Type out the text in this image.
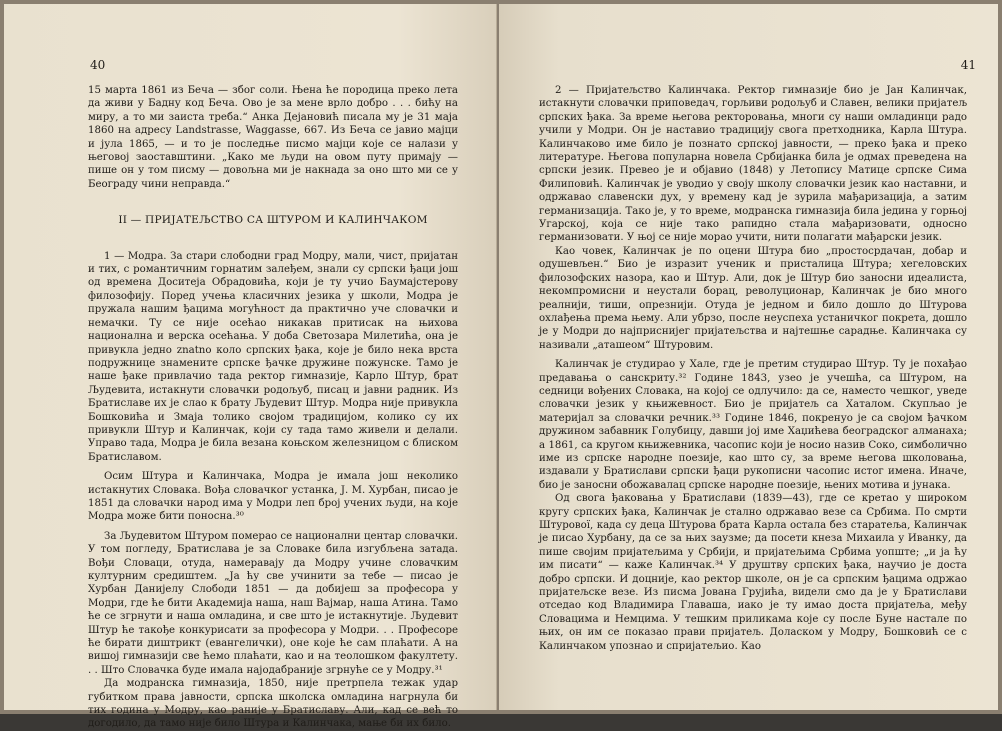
40

15 марта 1861 из Беча — због соли. Њена ће породица преко лета да живи у Бадну код Беча. Ово је за мене врло добро . . . бићу на миру, а то ми заиста треба.“ Анка Дејановић писала му је 31 маја 1860 на адресу Landstrasse, Waggasse, 667. Из Беча се јавио мајци и јула 1865, — и то је последње писмо мајци које се налази у његовој заоставштини. „Како ме људи на овом путу примају — пише он у том писму — довољна ми је накнада за оно што ми се у Београду чини неправда.“

II — ПРИЈАТЕЉСТВО СА ШТУРОМ И КАЛИНЧАКОМ

1 — Модра. За стари слободни град Модру, мали, чист, пријатан и тих, с романтичним горнатим залеђем, знали су српски ђаци још од времена Доситеја Обрадовића, који је ту учио Баумајстерову филозофију. Поред учења класичних језика у школи, Модра је пружала нашим ђацима могућност да практично уче словачки и немачки. Ту се није осећао никакав притисак на њихова национална и верска осећања. У доба Светозара Милетића, она је привукла једно znatno коло српских ђака, које је било нека врста подружнице знамените српске ђачке дружине пожунске. Тамо је наше ђаке привлачио тада ректор гимназије, Карло Штур, брат Људевита, истакнути словачки родољуб, писац и јавни радник. Из Братиславе их је слао к брату Људевит Штур. Модра није привукла Бошковића и Змаја толико својом традицијом, колико су их привукли Штур и Калинчак, који су тада тамо живели и делали. Управо тада, Модра је била везана коњском железницом с блиском Братиславом.

Осим Штура и Калинчака, Модра је имала још неколико истакнутих Словака. Вођа словачког устанка, Ј. М. Хурбан, писао је 1851 да словачки народ има у Модри леп број учених људи, на које Модра може бити поносна.³⁰

За Људевитом Штуром померао се национални центар словачки. У том погледу, Братислава је за Словаке била изгубљена затада. Вођи Словаци, отуда, намеравају да Модру учине словачким културним средиштем. „Ја ћу све учинити за тебе — писао је Хурбан Данијелу Слободи 1851 — да добијеш за професора у Модри, где ће бити Академија наша, наш Вајмар, наша Атина. Тамо ће се згрнути и наша омладина, и све што је истакнутије. Људевит Штур ће такође конкурисати за професора у Модри. . . Професоре ће бирати диштрикт (евангелички), оне које ће сам плаћати. А на вишој гимназији све ћемо плаћати, као и на теолошком факултету. . . Што Словачка буде имала најодабраније згрнуће се у Модру.³¹

Да модранска гимназија, 1850, није претрпела тежак удар губитком права јавности, српска школска омладина нагрнула би тих година у Модру, као раније у Братиславу. Али, кад се већ то догодило, да тамо није било Штура и Калинчака, мање би их било.

41

2 — Пријатељство Калинчака. Ректор гимназије био је Јан Калинчак, истакнути словачки приповедач, горљиви родољуб и Славен, велики пријатељ српских ђака. За време његова ректоровања, многи су наши омладинци радо учили у Модри. Он је наставио традицију свога претходника, Карла Штура. Калинчаково име било је познато српској јавности, — преко ђака и преко литературе. Његова популарна новела Србијанка била је одмах преведена на српски језик. Превео је и објавио (1848) у Летопису Матице српске Сима Филиповић. Калинчак је уводио у своју школу словачки језик као наставни, и одржавао славенски дух, у времену кад је зурила мађаризација, а затим германизација. Тако је, у то време, модранска гимназија била једина у горњој Угарској, која се није тако рапидно стала мађаризовати, односно германизовати. У њој се није морао учити, нити полагати мађарски језик.

Као човек, Калинчак је по оцени Штура био „простосрдачан, добар и одушевљен.“ Био је изразит ученик и присталица Штура; хегеловских филозофских назора, као и Штур. Али, док је Штур био заносни идеалиста, некомпромисни и неустали борац, револуционар, Калинчак је био много реалнији, тиши, опрезнији. Отуда је једном и било дошло до Штурова охлађења према њему. Али убрзо, после неуспеха устаничког покрета, дошло је у Модри до најприснијег пријатељства и најтешње сарадње. Калинчака су називали „аташеом“ Штуровим.

Калинчак је студирао у Хале, где је претим студирао Штур. Ту је похађао предавања о санскриту.³² Године 1843, узео је учешћа, са Штуром, на седници вођених Словака, на којој се одлучило: да се, наместо чешког, уведе словачки језик у књижевност. Био је пријатељ са Хаталом. Скупљао је материјал за словачки речник.³³ Године 1846, покренуо је са својом ђачком дружином забавник Голубицу, давши јој име Хаџићева београдског алманаха; а 1861, са кругом књижевника, часопис који је носио назив Соко, симболично име из српске народне поезије, као што су, за време његова школовања, издавали у Братислави српски ђаци рукописни часопис истог имена. Иначе, био је заносни обожавалац српске народне поезије, њених мотива и јунака.

Од свога ђаковања у Братислави (1839—43), где се кретао у широком кругу српских ђака, Калинчак је стално одржавао везе са Србима. По смрти Штурової, када су деца Штурова брата Карла остала без старатеља, Калинчак је писао Хурбану, да се за њих заузме; да посети кнеза Михаила у Иванку, да пише својим пријатељима у Србији, и пријатељима Србима уопште; „и ја ћу им писати“ — каже Калинчак.³⁴ У друштву српских ђака, научио је доста добро српски. И доцније, као ректор школе, он је са српским ђацима одржао пријатељске везе. Из писма Јована Грујића, видели смо да је у Братислави отседао код Владимира Главаша, иако је ту имао доста пријатеља, међу Словацима и Немцима. У тешким приликама које су после Буне настале по њих, он им се показао прави пријатељ. Доласком у Модру, Бошковић се с Калинчаком упознао и спријатељио. Као
